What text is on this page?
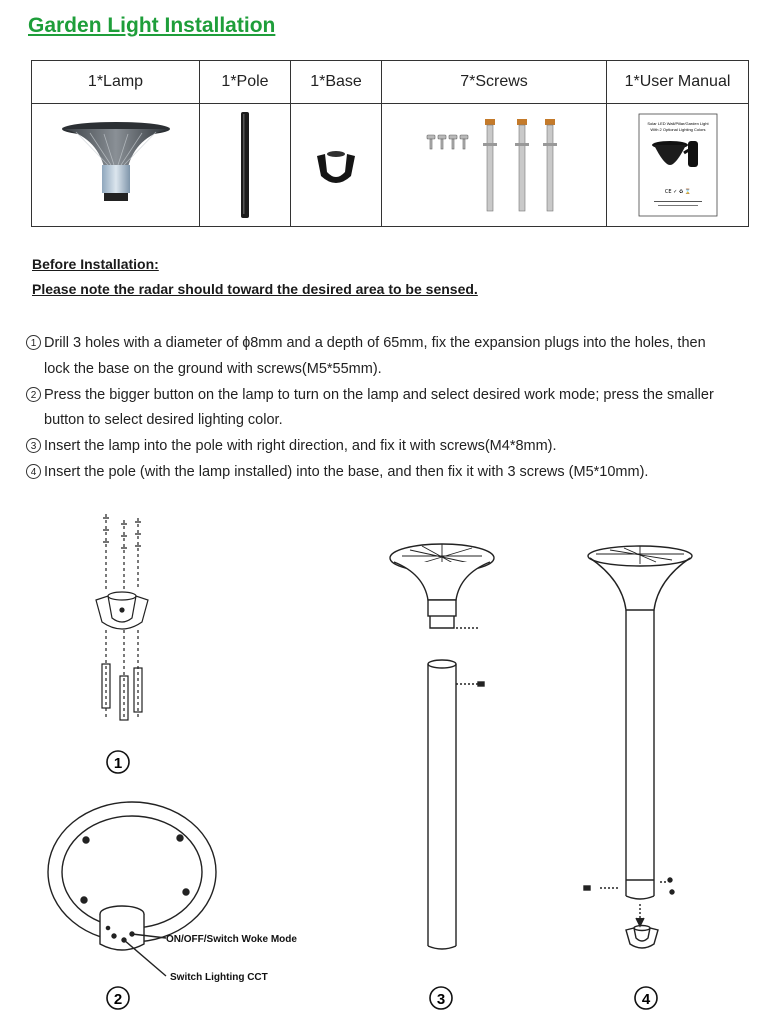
Garden Light Installation
1*Lamp	1*Pole	1*Base	7*Screws	1*User Manual

Solar LED Wall/Pillar/Garden Light
With 2 Optional Lighting Colors
CE ✓ ♻ ⌛
Before Installation:
Please note the radar should toward the desired area to be sensed.
1 Drill 3 holes with a diameter of ɸ8mm and a depth of 65mm, fix the expansion plugs into the holes, then
lock the base on the ground with screws(M5*55mm).
2 Press the bigger button on the lamp to turn on the lamp and select desired work mode; press the smaller
button to select desired lighting color.
3 Insert the lamp into the pole with right direction, and fix it with screws(M4*8mm).
4 Insert the pole (with the lamp installed) into the base, and then fix it with 3 screws (M5*10mm).
1
ON/OFF/Switch Woke Mode
Switch Lighting CCT
2	3	4
